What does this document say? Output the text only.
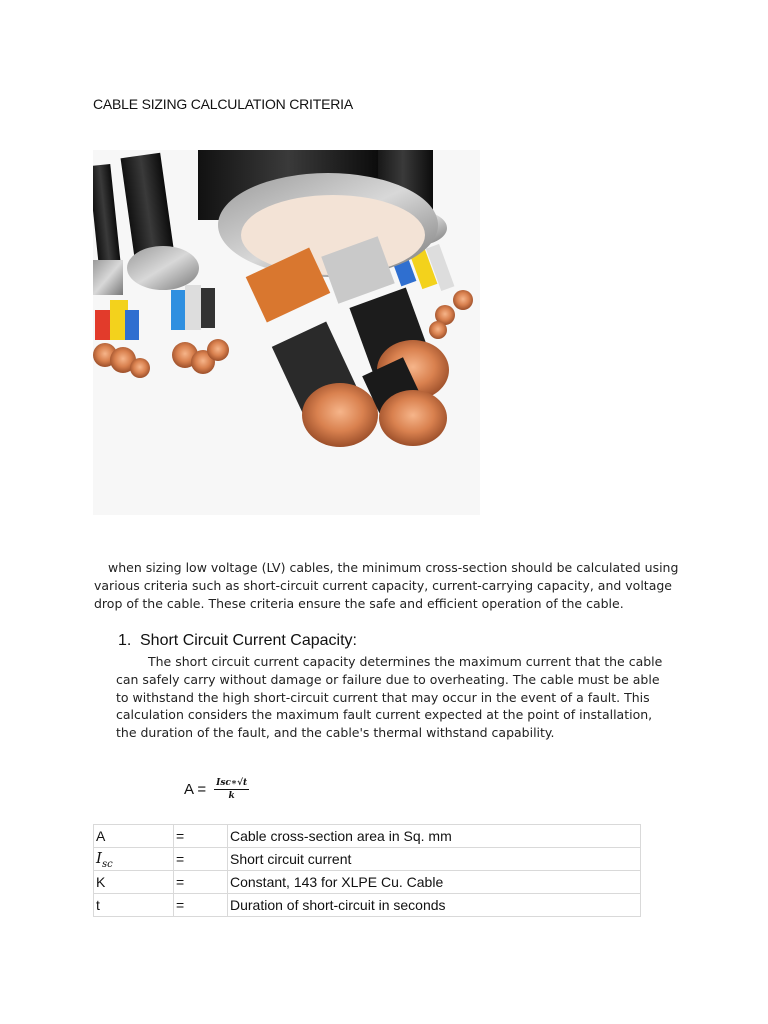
CABLE SIZING CALCULATION CRITERIA
when sizing low voltage (LV) cables, the minimum cross-section should be calculated using various criteria such as short-circuit current capacity, current-carrying capacity, and voltage drop of the cable. These criteria ensure the safe and efficient operation of the cable.
1. Short Circuit Current Capacity:
The short circuit current capacity determines the maximum current that the cable can safely carry without damage or failure due to overheating. The cable must be able to withstand the high short-circuit current that may occur in the event of a fault. This calculation considers the maximum fault current expected at the point of installation, the duration of the fault, and the cable's thermal withstand capability.
$A = \frac{\text{Isc∗√t}}{k}$
A	=	Cable cross-section area in Sq. mm
$I_{sc}$	=	Short circuit current
K	=	Constant, 143 for XLPE Cu. Cable
t	=	Duration of short-circuit in seconds
